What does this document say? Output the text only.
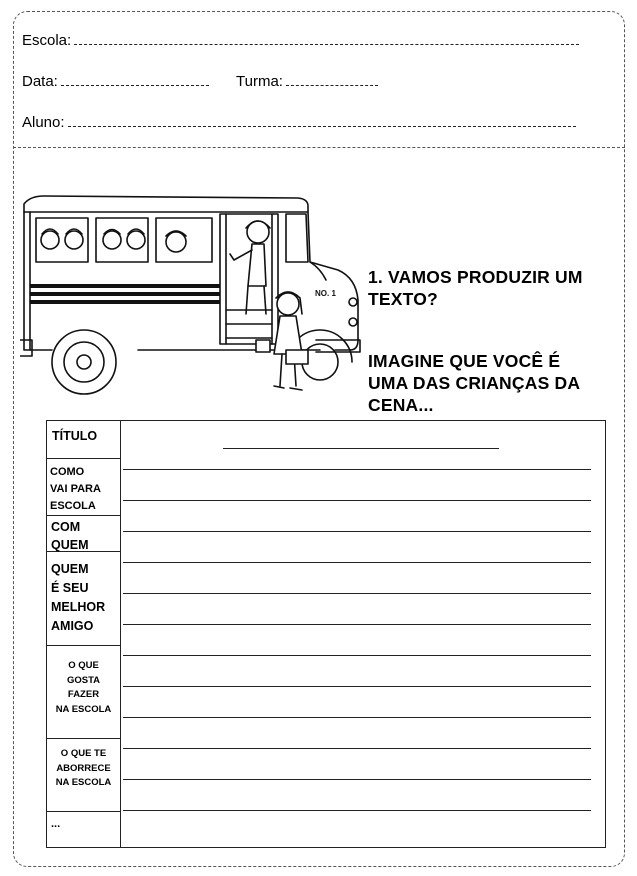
Escola:
Data:	Turma:
Aluno:
NO. 1
1. VAMOS PRODUZIR UM
TEXTO?
IMAGINE QUE VOCÊ É
UMA DAS CRIANÇAS DA
CENA...
TÍTULO
COMO
VAI PARA
ESCOLA
COM
QUEM
QUEM
É SEU
MELHOR
AMIGO
O QUE
GOSTA
FAZER
NA ESCOLA
O QUE TE
ABORRECE
NA ESCOLA
...
